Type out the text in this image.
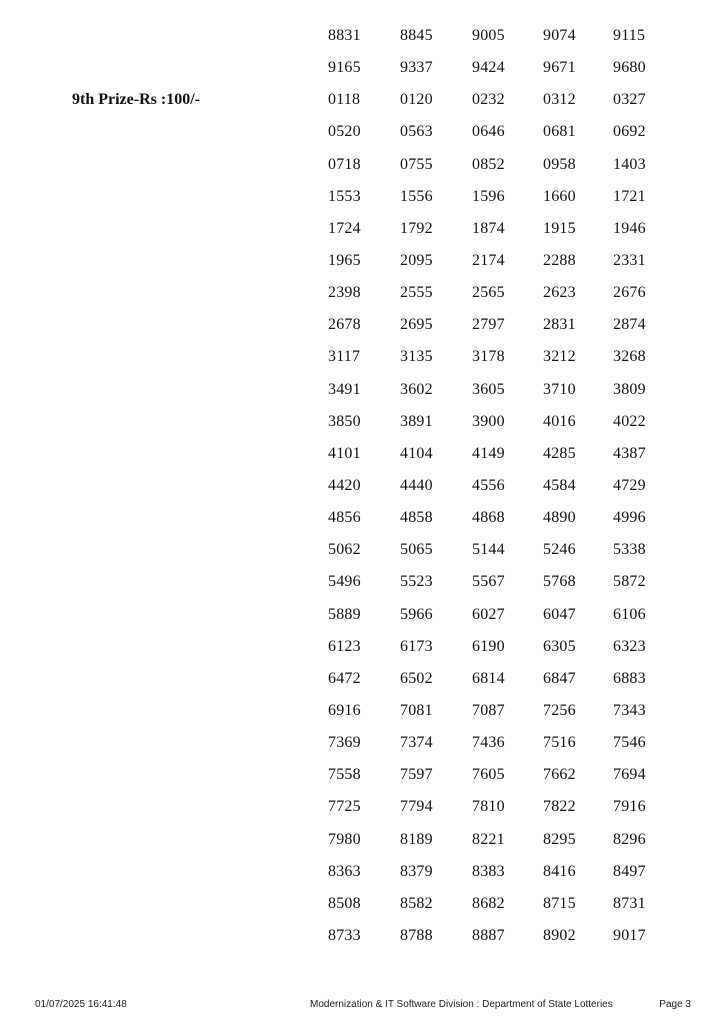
9th Prize-Rs :100/-
8831	8845	9005	9074	9115
9165	9337	9424	9671	9680
0118	0120	0232	0312	0327
0520	0563	0646	0681	0692
0718	0755	0852	0958	1403
1553	1556	1596	1660	1721
1724	1792	1874	1915	1946
1965	2095	2174	2288	2331
2398	2555	2565	2623	2676
2678	2695	2797	2831	2874
3117	3135	3178	3212	3268
3491	3602	3605	3710	3809
3850	3891	3900	4016	4022
4101	4104	4149	4285	4387
4420	4440	4556	4584	4729
4856	4858	4868	4890	4996
5062	5065	5144	5246	5338
5496	5523	5567	5768	5872
5889	5966	6027	6047	6106
6123	6173	6190	6305	6323
6472	6502	6814	6847	6883
6916	7081	7087	7256	7343
7369	7374	7436	7516	7546
7558	7597	7605	7662	7694
7725	7794	7810	7822	7916
7980	8189	8221	8295	8296
8363	8379	8383	8416	8497
8508	8582	8682	8715	8731
8733	8788	8887	8902	9017
01/07/2025 16:41:48	Modernization & IT Software Division : Department of State Lotteries	Page 3
